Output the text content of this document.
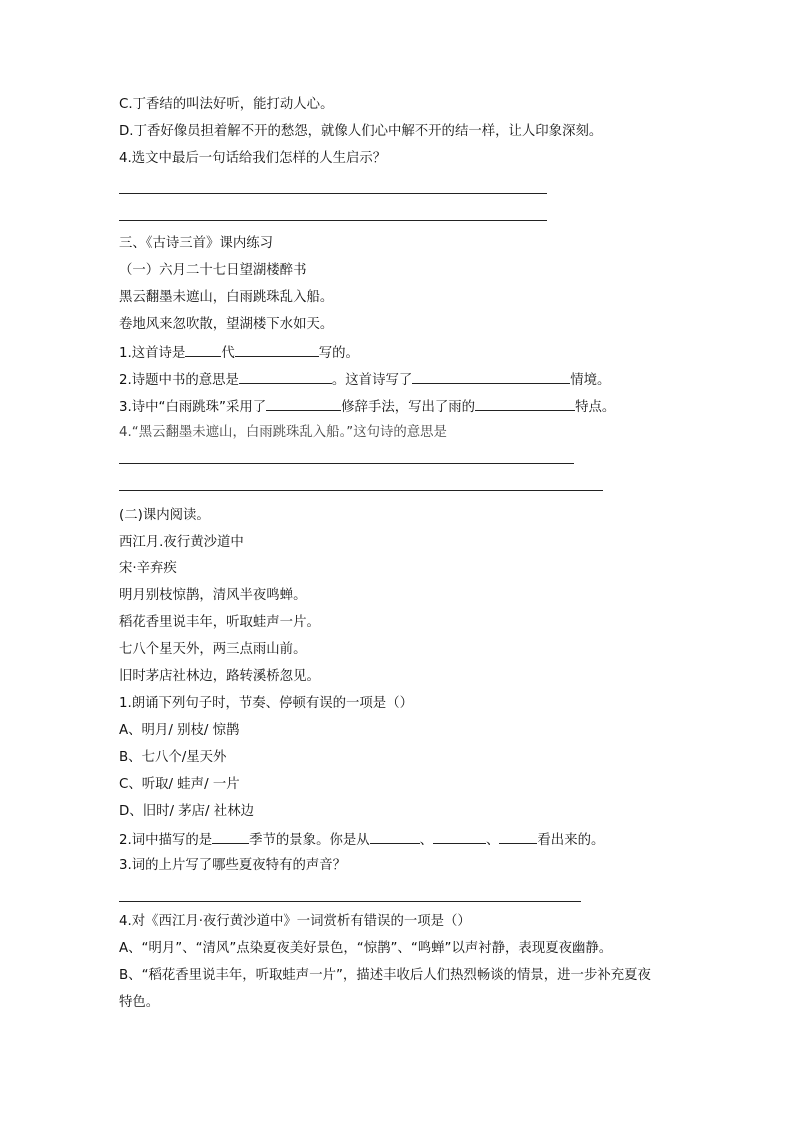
C.丁香结的叫法好听，能打动人心。
D.丁香好像员担着解不开的愁怨，就像人们心中解不开的结一样，让人印象深刻。
4.选文中最后一句话给我们怎样的人生启示？
三、《古诗三首》课内练习
（一）六月二十七日望湖楼醉书
黑云翻墨未遮山，白雨跳珠乱入船。
卷地风来忽吹散，望湖楼下水如天。
1.这首诗是	代	写的。
2.诗题中书的意思是	。这首诗写了	情境。
3.诗中“白雨跳珠”采用了	修辞手法，写出了雨的	特点。
4.“黑云翻墨未遮山，白雨跳珠乱入船。”这句诗的意思是
(二)课内阅读。
西江月.夜行黄沙道中
宋·辛弃疾
明月别枝惊鹊，清风半夜鸣蝉。
稻花香里说丰年，听取蛙声一片。
七八个星天外，两三点雨山前。
旧时茅店社林边，路转溪桥忽见。
1.朗诵下列句子时，节奏、停顿有误的一项是（）
A、明月/ 别枝/ 惊鹊
B、七八个/星天外
C、听取/ 蛙声/ 一片
D、旧时/ 茅店/ 社林边
2.词中描写的是	季节的景象。你是从	、	、	看出来的。
3.词的上片写了哪些夏夜特有的声音？
4.对《西江月·夜行黄沙道中》一词赏析有错误的一项是（）
A、“明月”、“清风”点染夏夜美好景色，“惊鹊”、“鸣蝉”以声衬静，表现夏夜幽静。
B、“稻花香里说丰年，听取蛙声一片”，描述丰收后人们热烈畅谈的情景，进一步补充夏夜
特色。
